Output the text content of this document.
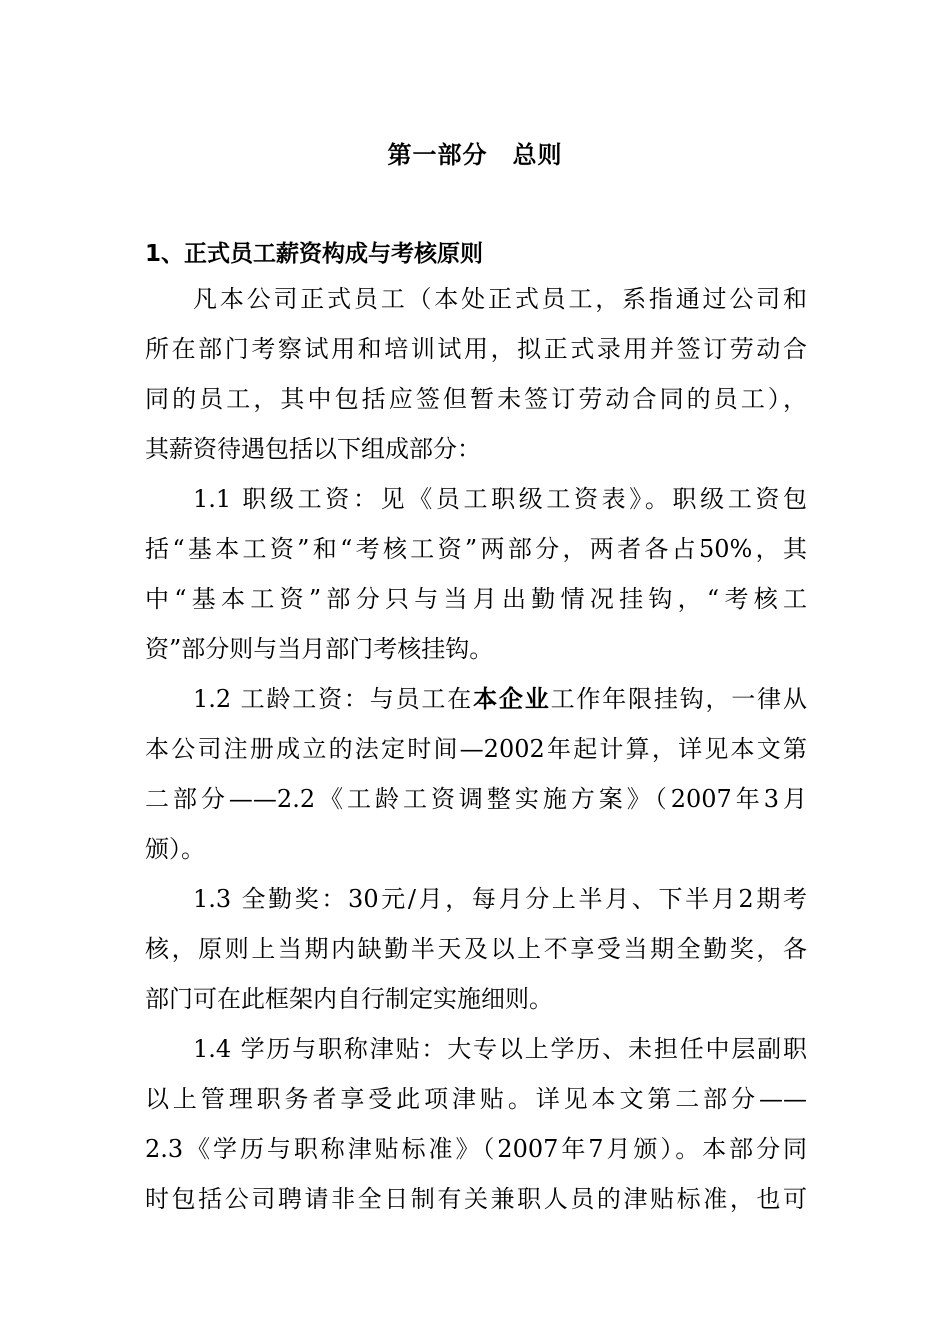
第一部分　总则
1、正式员工薪资构成与考核原则
凡本公司正式员工（本处正式员工，系指通过公司和
所在部门考察试用和培训试用，拟正式录用并签订劳动合
同的员工，其中包括应签但暂未签订劳动合同的员工），
其薪资待遇包括以下组成部分：
1.1 职级工资：见《员工职级工资表》。职级工资包
括“基本工资”和“考核工资”两部分，两者各占50%，其
中“基本工资”部分只与当月出勤情况挂钩，“考核工
资”部分则与当月部门考核挂钩。
1.2 工龄工资：与员工在本企业工作年限挂钩，一律从
本公司注册成立的法定时间—2002年起计算，详见本文第
二部分——2.2《工龄工资调整实施方案》（2007年3月
颁）。
1.3 全勤奖：30元/月，每月分上半月、下半月2期考
核，原则上当期内缺勤半天及以上不享受当期全勤奖，各
部门可在此框架内自行制定实施细则。
1.4 学历与职称津贴：大专以上学历、未担任中层副职
以上管理职务者享受此项津贴。详见本文第二部分——
2.3《学历与职称津贴标准》（2007年7月颁）。本部分同
时包括公司聘请非全日制有关兼职人员的津贴标准，也可
